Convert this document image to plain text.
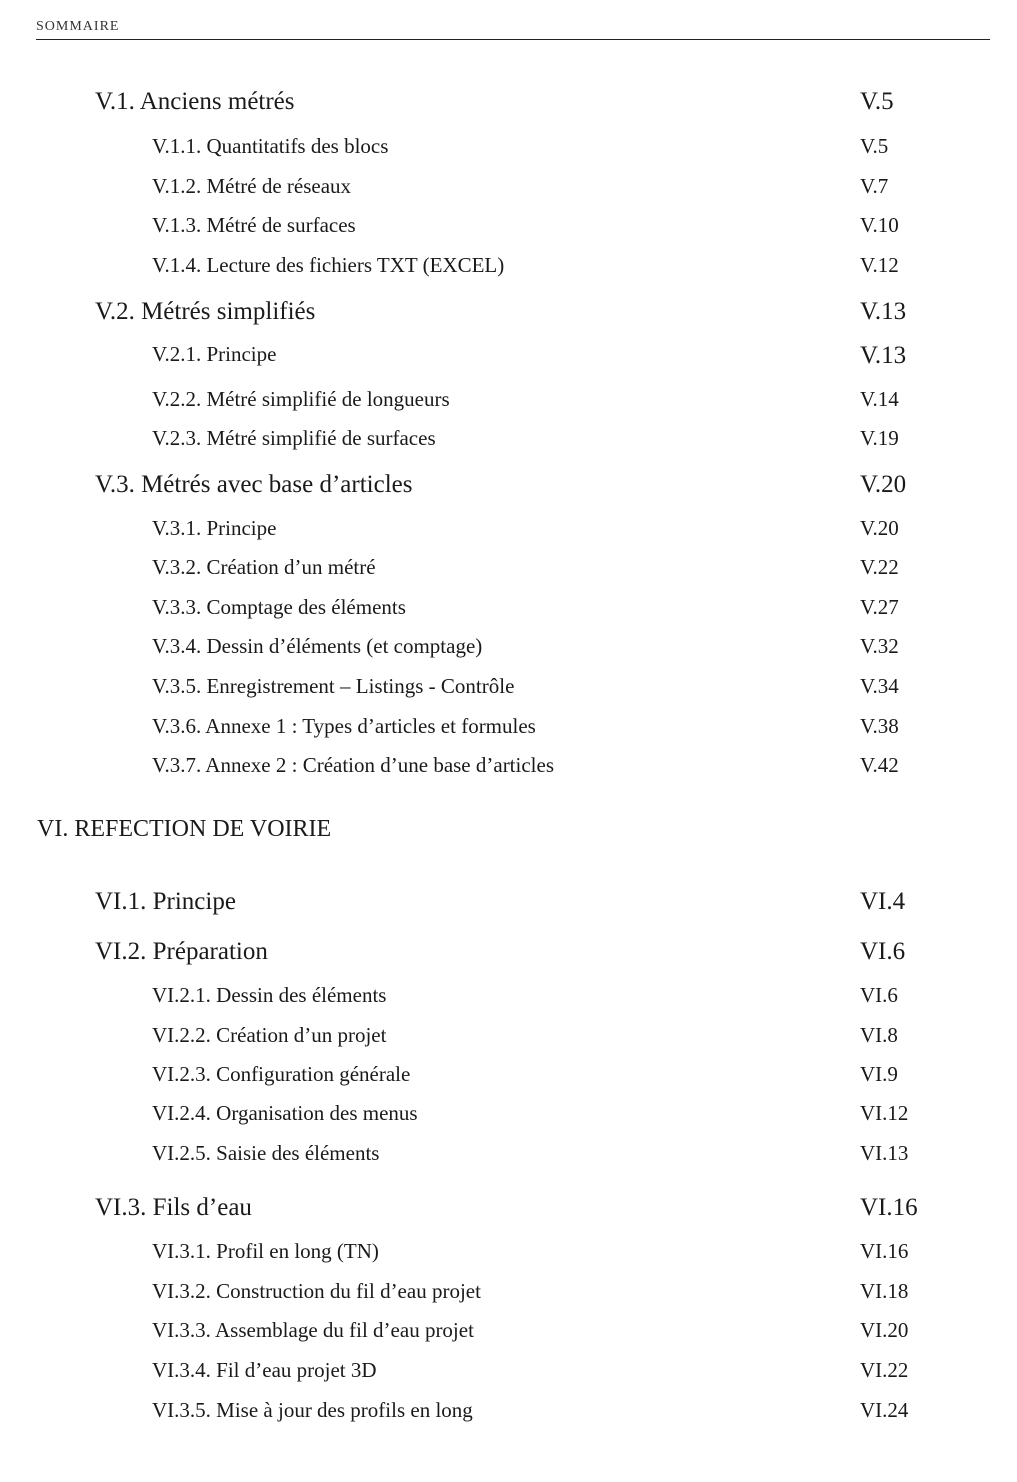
SOMMAIRE
V.1. Anciens métrés	V.5
V.1.1. Quantitatifs des blocs	V.5
V.1.2. Métré de réseaux	V.7
V.1.3. Métré de surfaces	V.10
V.1.4. Lecture des fichiers TXT (EXCEL)	V.12
V.2. Métrés simplifiés	V.13
V.2.1. Principe	V.13
V.2.2. Métré simplifié de longueurs	V.14
V.2.3. Métré simplifié de surfaces	V.19
V.3. Métrés avec base d’articles	V.20
V.3.1. Principe	V.20
V.3.2. Création d’un métré	V.22
V.3.3. Comptage des éléments	V.27
V.3.4. Dessin d’éléments (et comptage)	V.32
V.3.5. Enregistrement – Listings - Contrôle	V.34
V.3.6. Annexe 1 : Types d’articles et formules	V.38
V.3.7. Annexe 2 : Création d’une base d’articles	V.42
VI. REFECTION DE VOIRIE
VI.1. Principe	VI.4
VI.2. Préparation	VI.6
VI.2.1. Dessin des éléments	VI.6
VI.2.2. Création d’un projet	VI.8
VI.2.3. Configuration générale	VI.9
VI.2.4. Organisation des menus	VI.12
VI.2.5. Saisie des éléments	VI.13
VI.3. Fils d’eau	VI.16
VI.3.1. Profil en long (TN)	VI.16
VI.3.2. Construction du fil d’eau projet	VI.18
VI.3.3. Assemblage du fil d’eau projet	VI.20
VI.3.4. Fil d’eau projet 3D	VI.22
VI.3.5. Mise à jour des profils en long	VI.24
